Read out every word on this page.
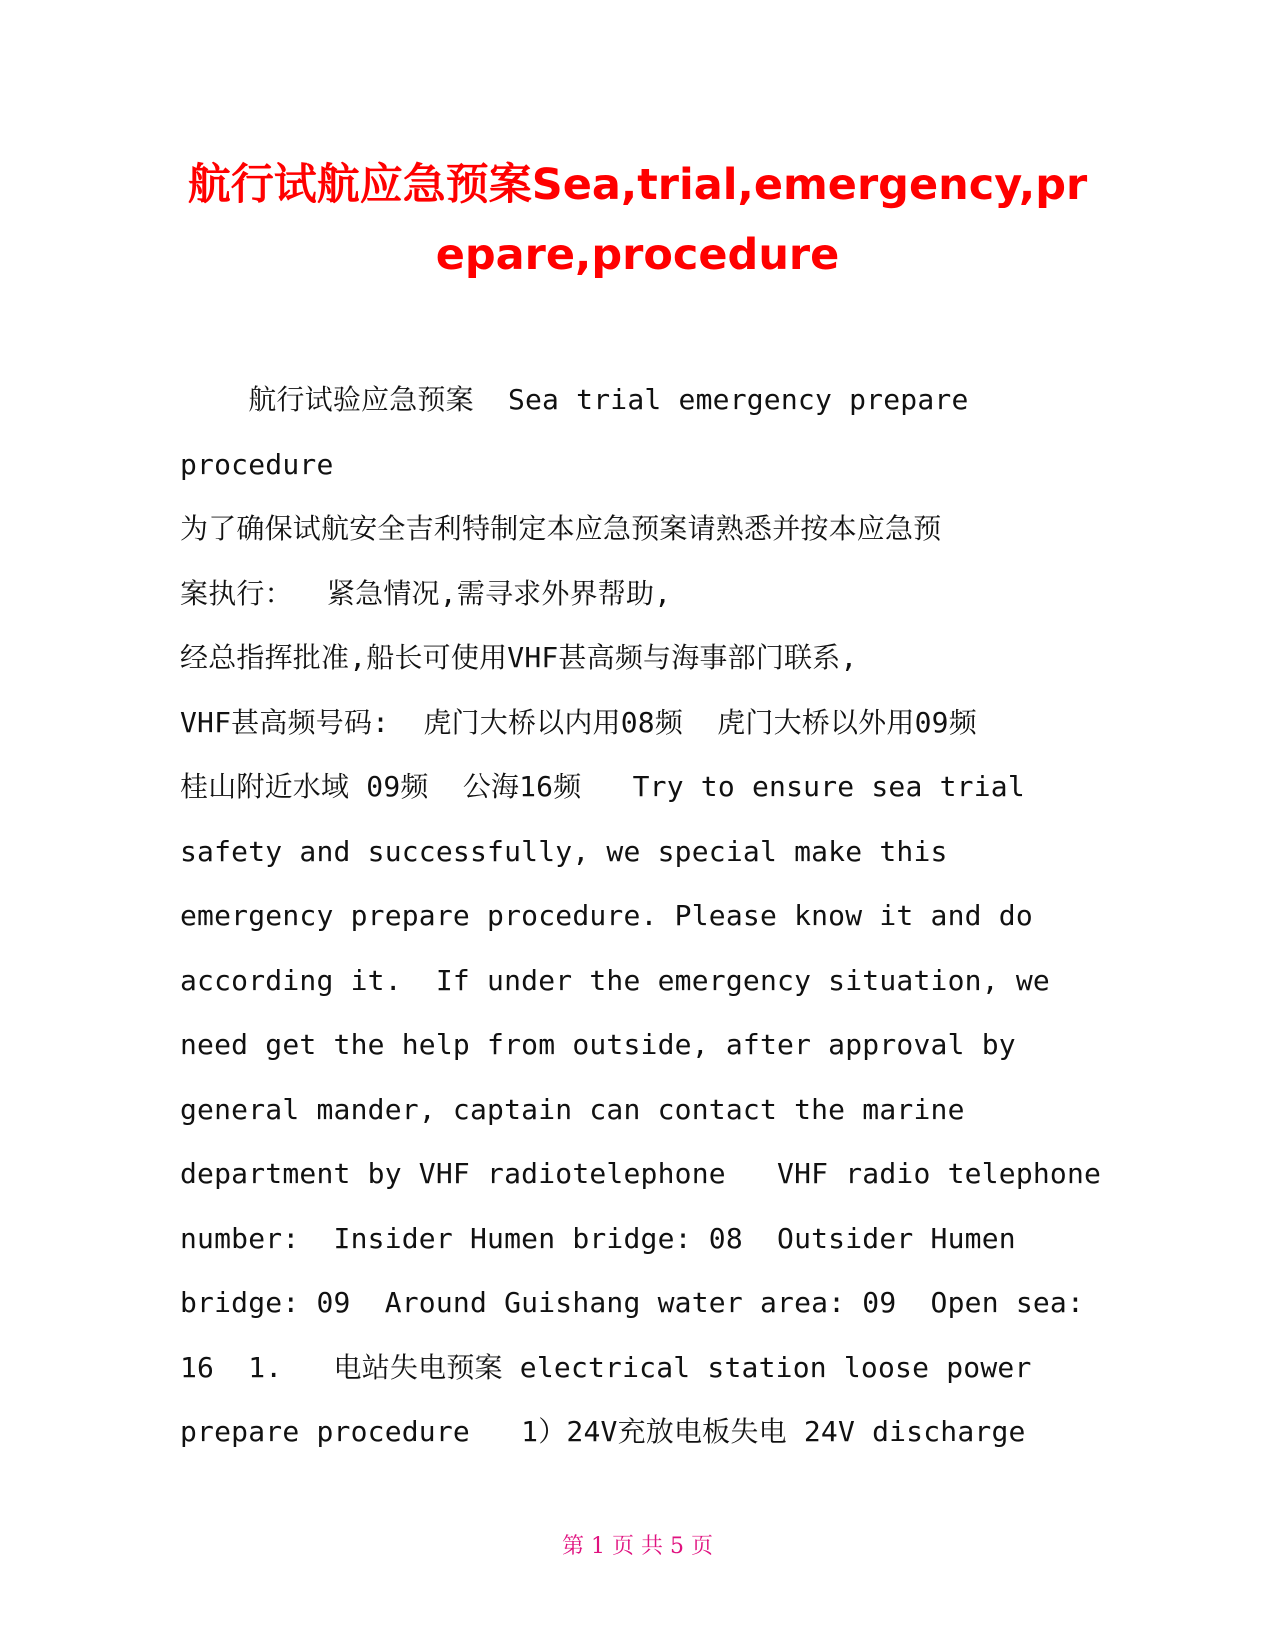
航行试航应急预案Sea,trial,emergency,prepare,procedure
航行试验应急预案  Sea trial emergency prepare
procedure
为了确保试航安全吉利特制定本应急预案请熟悉并按本应急预
案执行：  紧急情况,需寻求外界帮助,
经总指挥批准,船长可使用VHF甚高频与海事部门联系,
VHF甚高频号码:  虎门大桥以内用08频  虎门大桥以外用09频
桂山附近水域 09频  公海16频   Try to ensure sea trial
safety and successfully, we special make this
emergency prepare procedure. Please know it and do
according it.  If under the emergency situation, we
need get the help from outside, after approval by
general mander, captain can contact the marine
department by VHF radiotelephone   VHF radio telephone
number:  Insider Humen bridge: 08  Outsider Humen
bridge: 09  Around Guishang water area: 09  Open sea:
16  1.   电站失电预案 electrical station loose power
prepare procedure   1）24V充放电板失电 24V discharge
第 1 页 共 5 页
